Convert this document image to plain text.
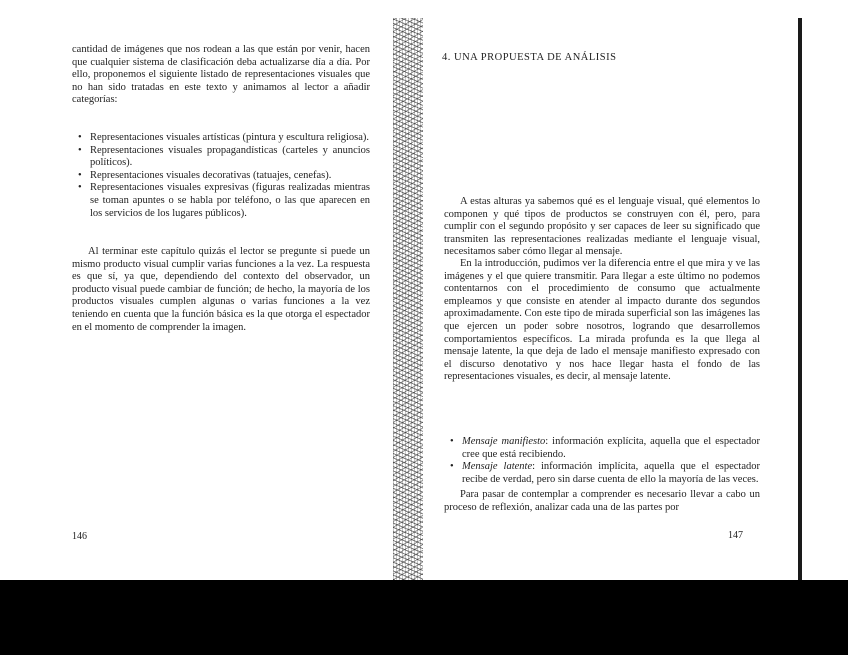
cantidad de imágenes que nos rodean a las que están por venir, hacen que cualquier sistema de clasificación deba actualizarse día a día. Por ello, proponemos el siguiente listado de representaciones visuales que no han sido tratadas en este texto y animamos al lector a añadir categorías:

• Representaciones visuales artísticas (pintura y escultura religiosa).
• Representaciones visuales propagandísticas (carteles y anuncios políticos).
• Representaciones visuales decorativas (tatuajes, cenefas).
• Representaciones visuales expresivas (figuras realizadas mientras se toman apuntes o se habla por teléfono, o las que aparecen en los servicios de los lugares públicos).

Al terminar este capítulo quizás el lector se pregunte si puede un mismo producto visual cumplir varias funciones a la vez. La respuesta es que sí, ya que, dependiendo del contexto del observador, un producto visual puede cambiar de función; de hecho, la mayoría de los productos visuales cumplen algunas o varias funciones a la vez teniendo en cuenta que la función básica es la que otorga el espectador en el momento de comprender la imagen.

146
4. UNA PROPUESTA DE ANÁLISIS

A estas alturas ya sabemos qué es el lenguaje visual, qué elementos lo componen y qué tipos de productos se construyen con él, pero, para cumplir con el segundo propósito y ser capaces de leer su significado que transmiten las representaciones realizadas mediante el lenguaje visual, necesitamos saber cómo llegar al mensaje.

En la introducción, pudimos ver la diferencia entre el que mira y ve las imágenes y el que quiere transmitir. Para llegar a este último no podemos contentarnos con el procedimiento de consumo que actualmente empleamos y que consiste en atender al impacto durante dos segundos aproximadamente. Con este tipo de mirada superficial son las imágenes las que ejercen un poder sobre nosotros, logrando que desarrollemos comportamientos específicos. La mirada profunda es la que llega al mensaje latente, la que deja de lado el mensaje manifiesto expresado con el discurso denotativo y nos hace llegar hasta el fondo de las representaciones visuales, es decir, al mensaje latente.

• Mensaje manifiesto: información explícita, aquella que el espectador cree que está recibiendo.
• Mensaje latente: información implícita, aquella que el espectador recibe de verdad, pero sin darse cuenta de ello la mayoría de las veces.

Para pasar de contemplar a comprender es necesario llevar a cabo un proceso de reflexión, analizar cada una de las partes por

147
